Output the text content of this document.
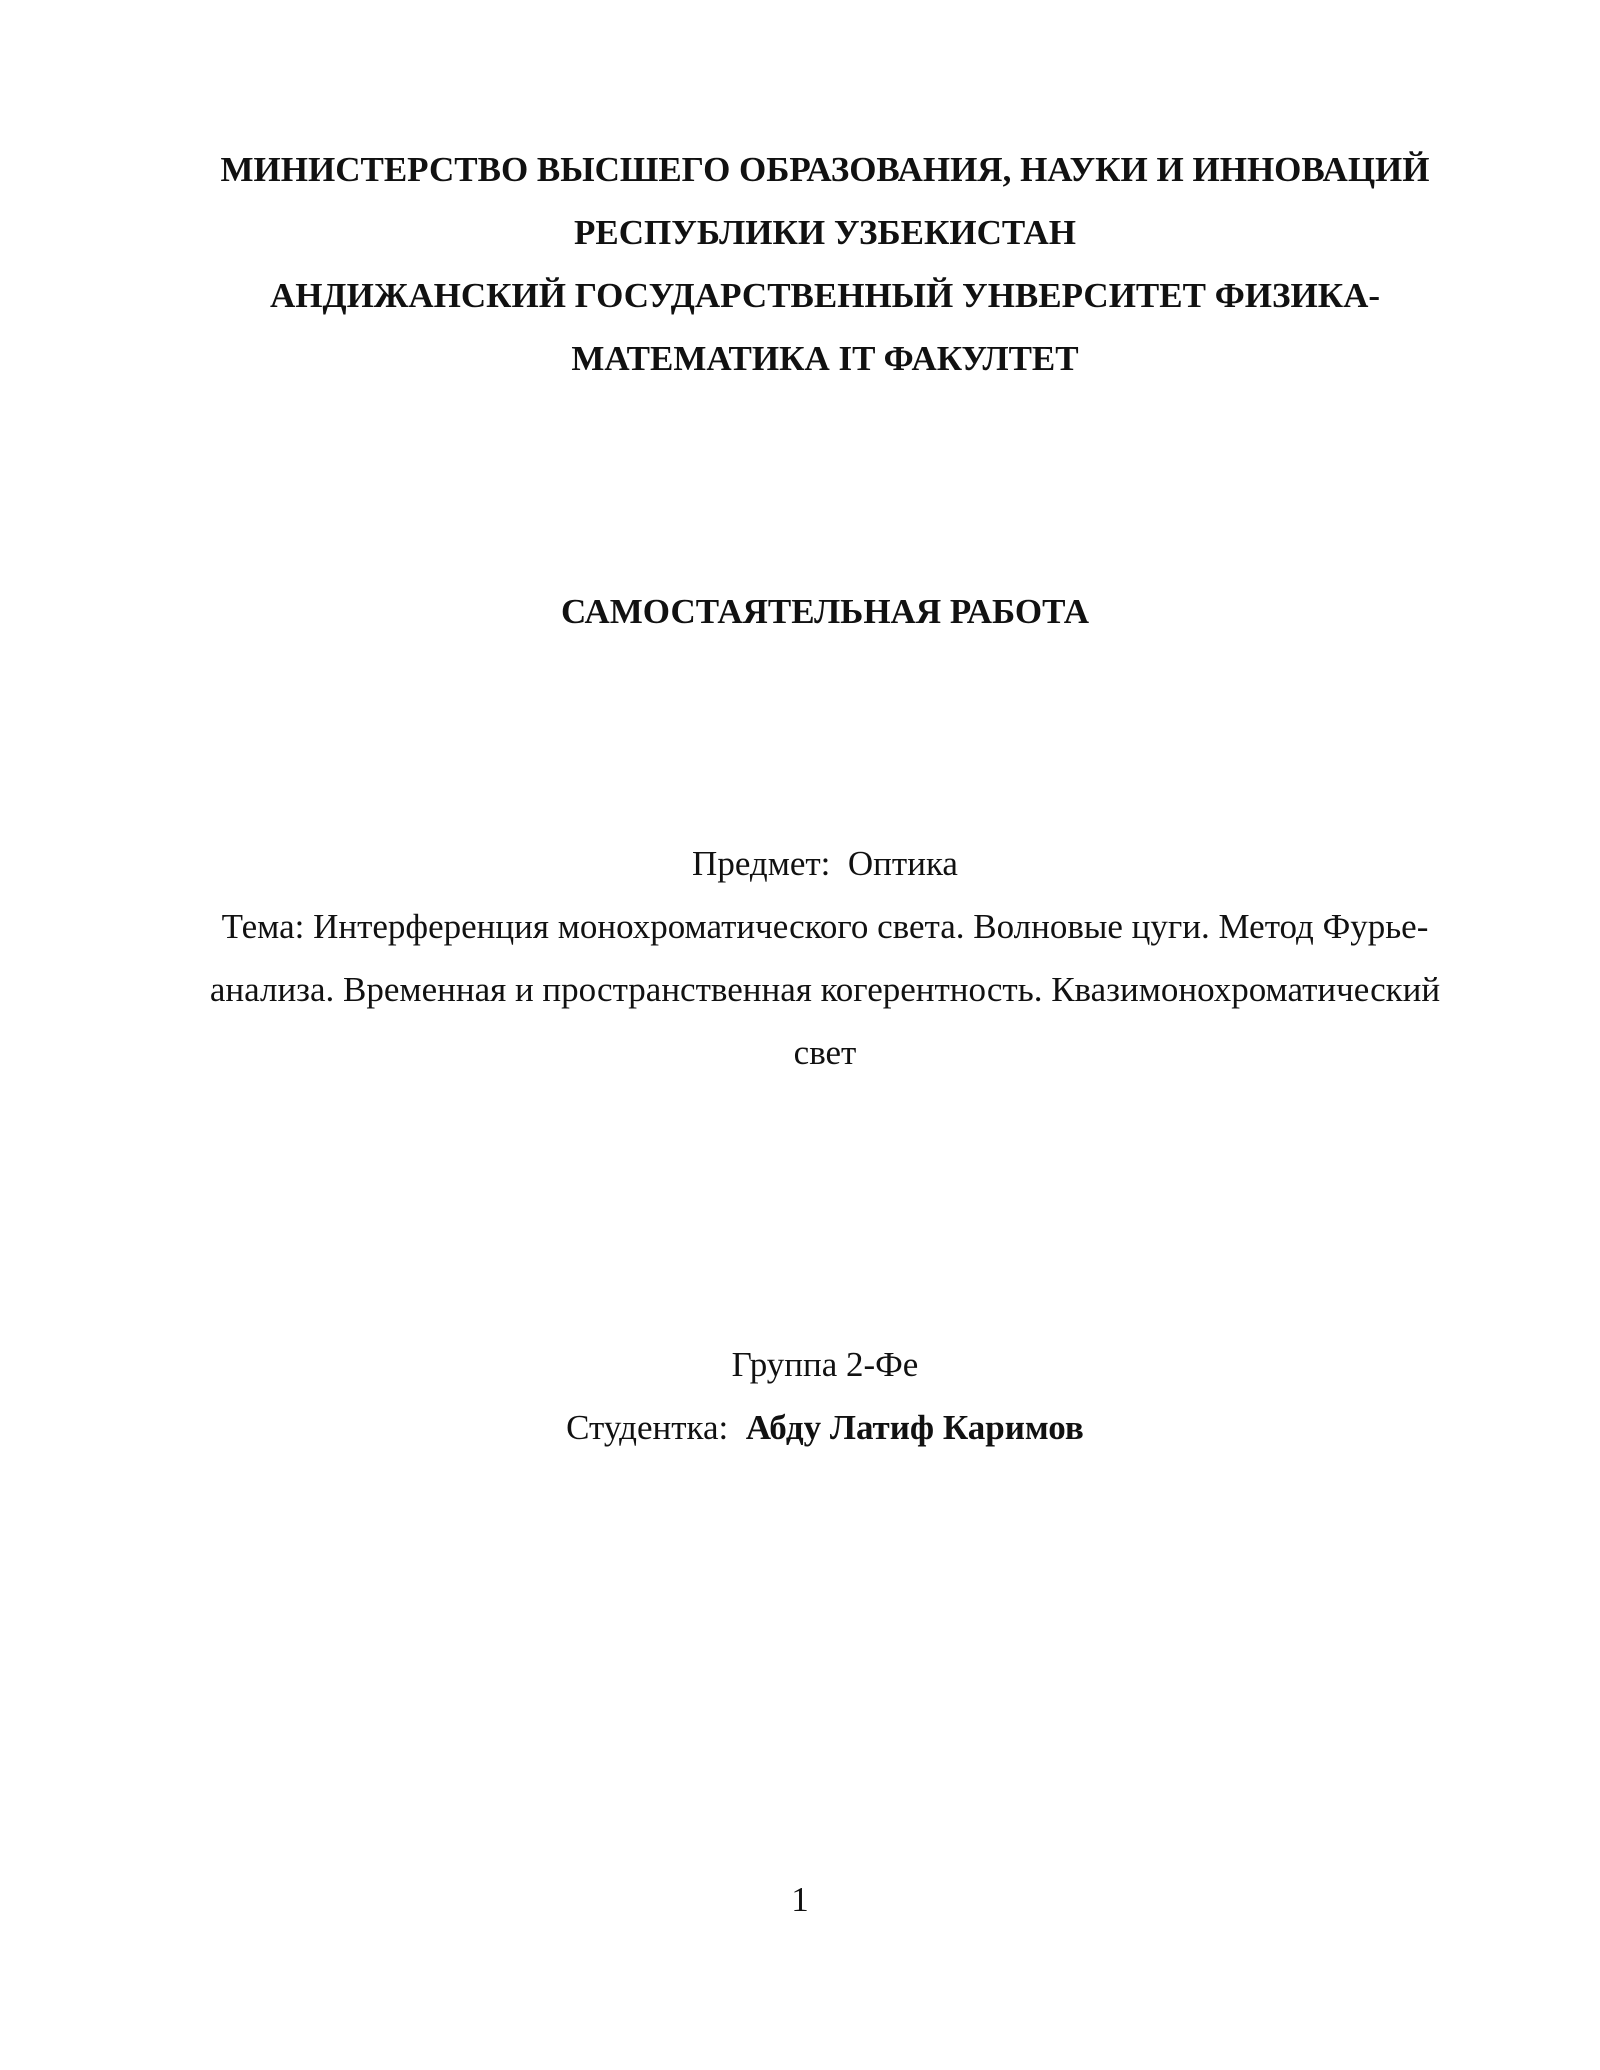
МИНИСТЕРСТВО ВЫСШЕГО ОБРАЗОВАНИЯ, НАУКИ И ИННОВАЦИЙ
РЕСПУБЛИКИ УЗБЕКИСТАН
АНДИЖАНСКИЙ ГОСУДАРСТВЕННЫЙ УНВЕРСИТЕТ ФИЗИКА-
МАТЕМАТИКА IT ФАКУЛТЕТ
САМОСТАЯТЕЛЬНАЯ РАБОТА
Предмет: Оптика
Тема: Интерференция монохроматического света. Волновые цуги. Метод Фурье-
анализа. Временная и пространственная когерентность. Квазимонохроматический
свет
Группа 2-Фе
Студентка: Абду Латиф Каримов
1
